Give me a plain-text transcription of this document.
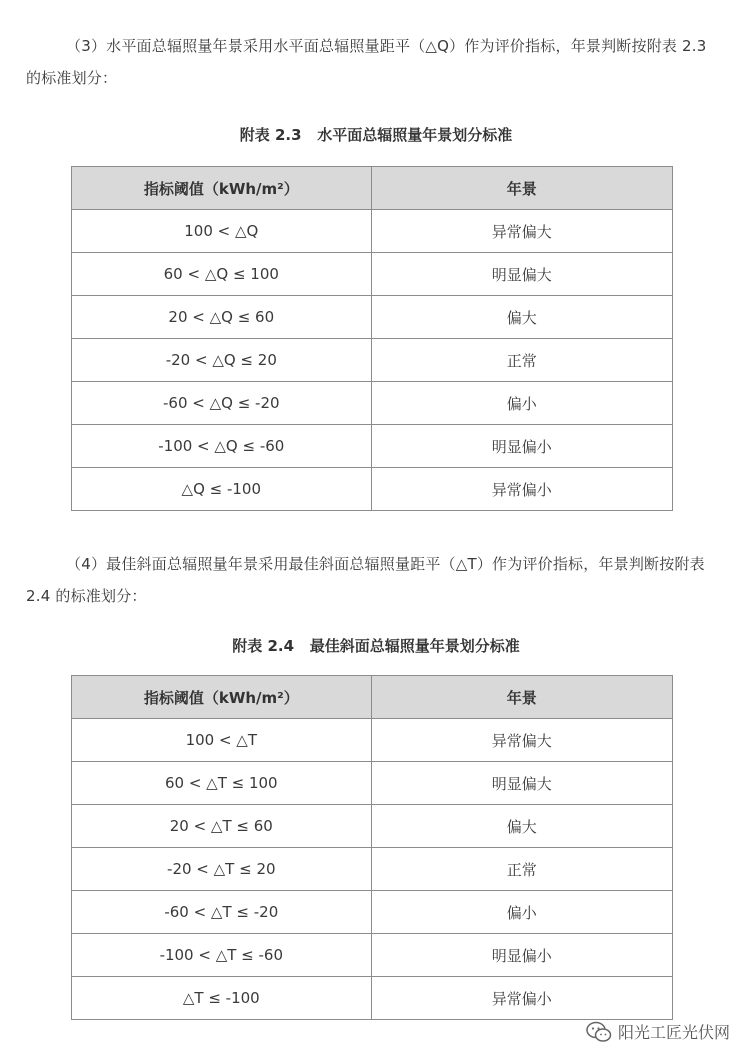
（3）水平面总辐照量年景采用水平面总辐照量距平（△Q）作为评价指标，年景判断按附表 2.3 的标准划分：

附表 2.3   水平面总辐照量年景划分标准

指标阈值（kWh/m²）	年景
100 < △Q	异常偏大
60 < △Q ≤ 100	明显偏大
20 < △Q ≤ 60	偏大
-20 < △Q ≤ 20	正常
-60 < △Q ≤ -20	偏小
-100 < △Q ≤ -60	明显偏小
△Q ≤ -100	异常偏小

（4）最佳斜面总辐照量年景采用最佳斜面总辐照量距平（△T）作为评价指标，年景判断按附表 2.4 的标准划分：

附表 2.4   最佳斜面总辐照量年景划分标准

指标阈值（kWh/m²）	年景
100 < △T	异常偏大
60 < △T ≤ 100	明显偏大
20 < △T ≤ 60	偏大
-20 < △T ≤ 20	正常
-60 < △T ≤ -20	偏小
-100 < △T ≤ -60	明显偏小
△T ≤ -100	异常偏小
阳光工匠光伏网
